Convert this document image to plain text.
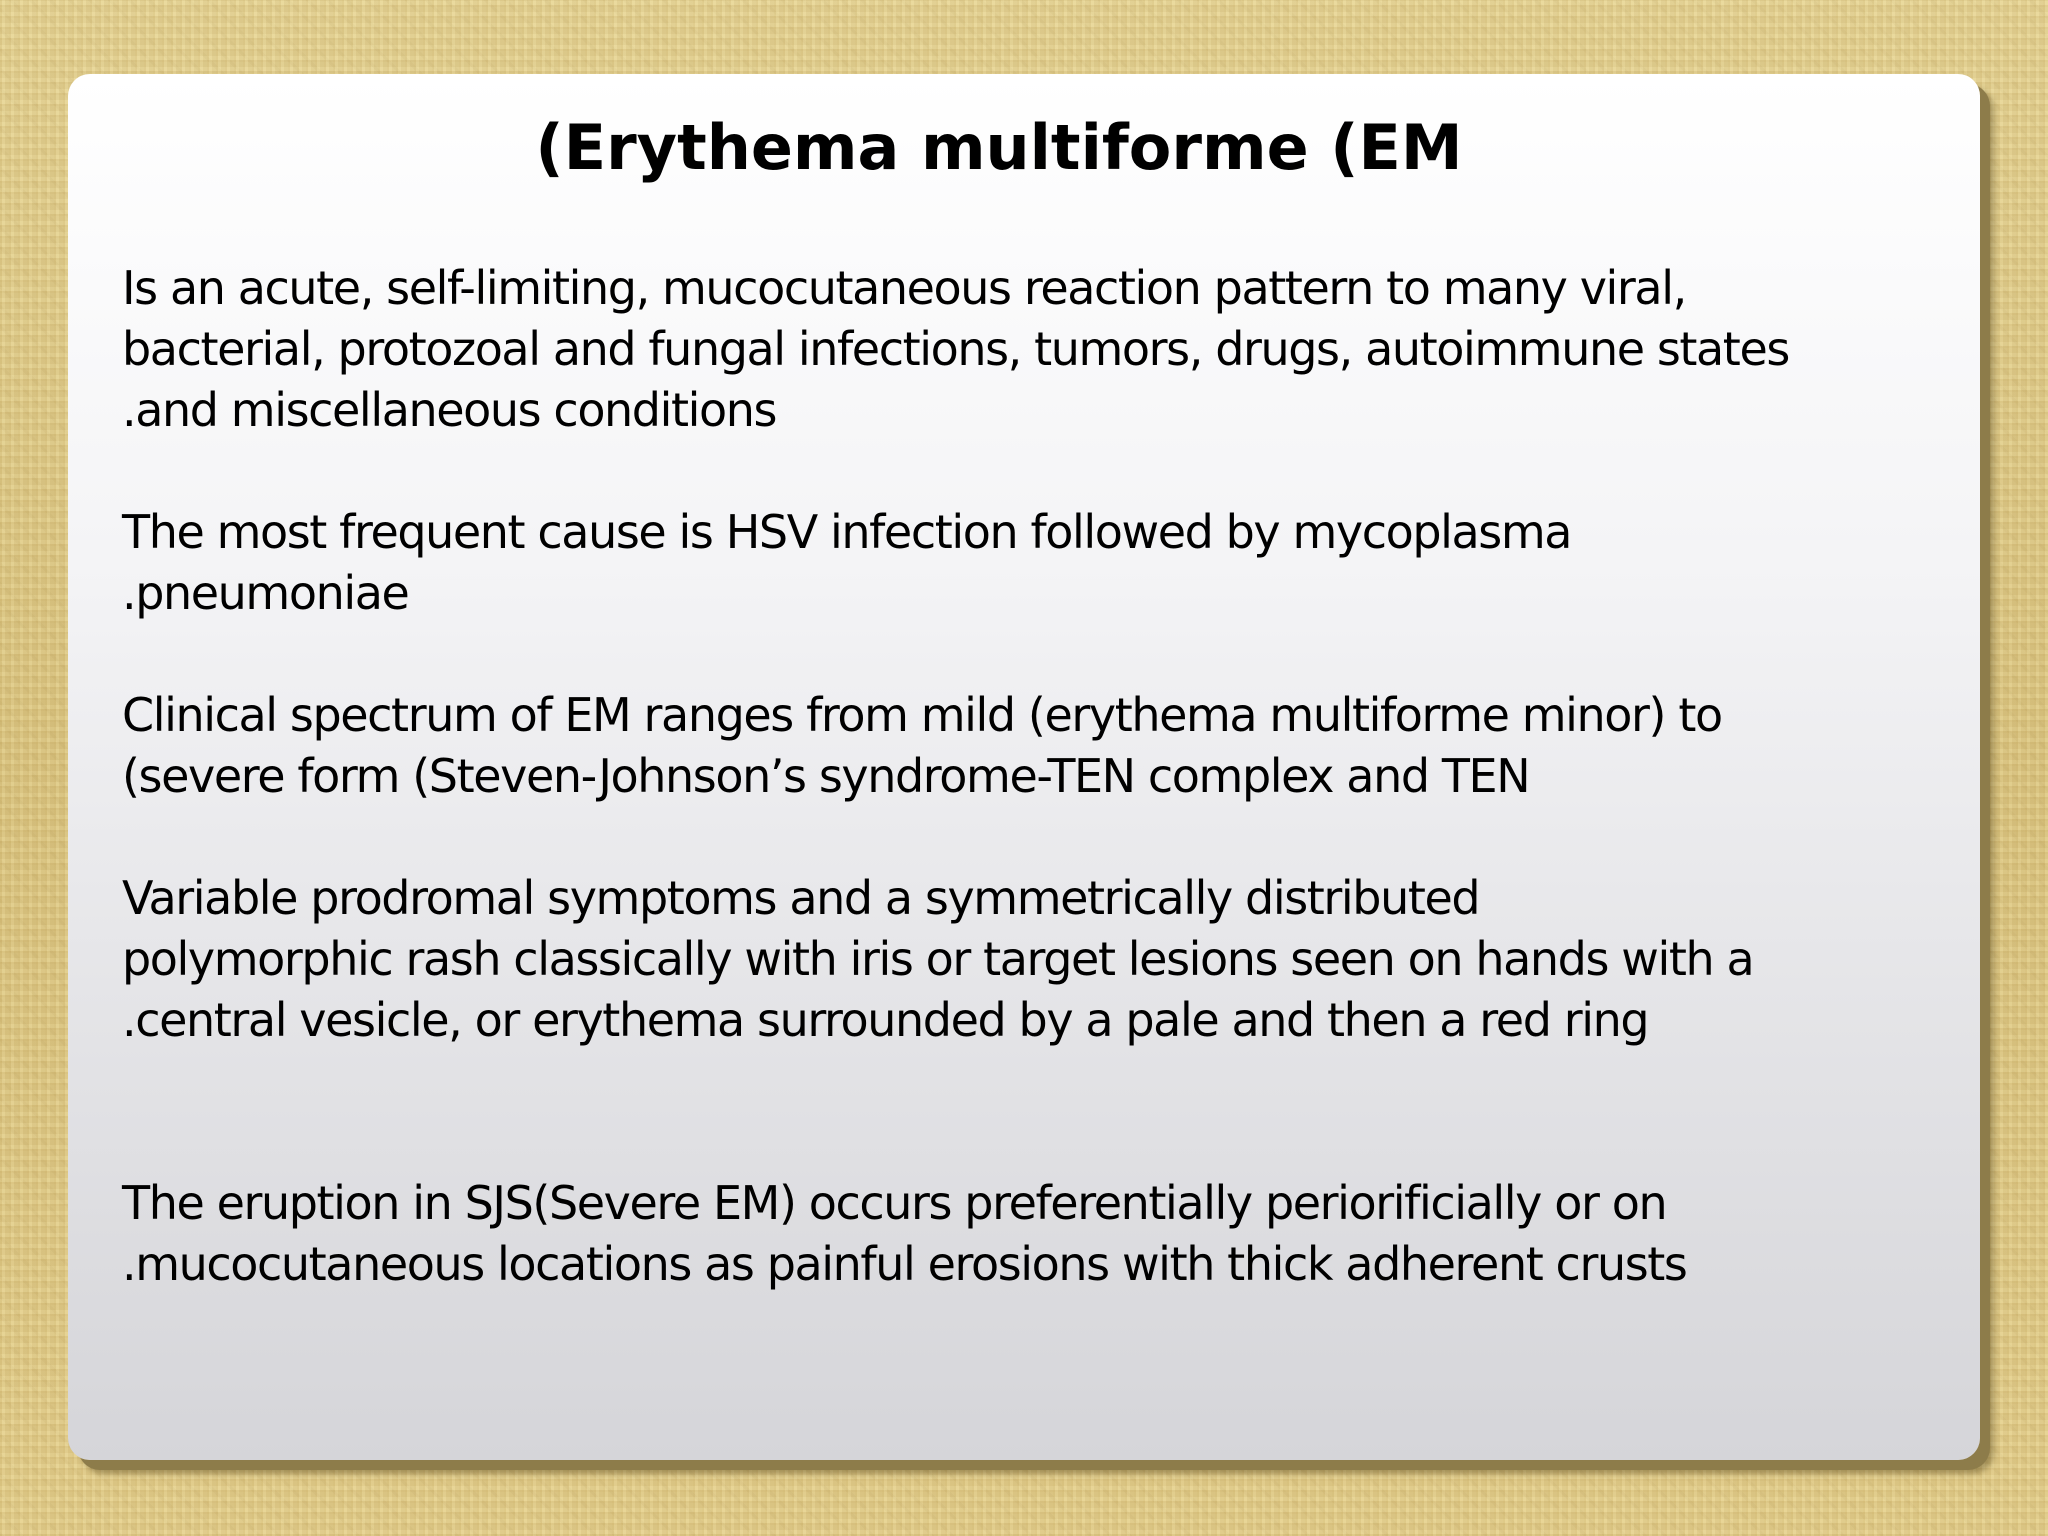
(Erythema multiforme (EM

Is an acute, self-limiting, mucocutaneous reaction pattern to many viral,
bacterial, protozoal and fungal infections, tumors, drugs, autoimmune states
.and miscellaneous conditions

The most frequent cause is HSV infection followed by mycoplasma
.pneumoniae

Clinical spectrum of EM ranges from mild (erythema multiforme minor) to
(severe form (Steven-Johnson’s syndrome-TEN complex and TEN

Variable prodromal symptoms and a symmetrically distributed
polymorphic rash classically with iris or target lesions seen on hands with a
.central vesicle, or erythema surrounded by a pale and then a red ring

The eruption in SJS(Severe EM) occurs preferentially periorificially or on
.mucocutaneous locations as painful erosions with thick adherent crusts
